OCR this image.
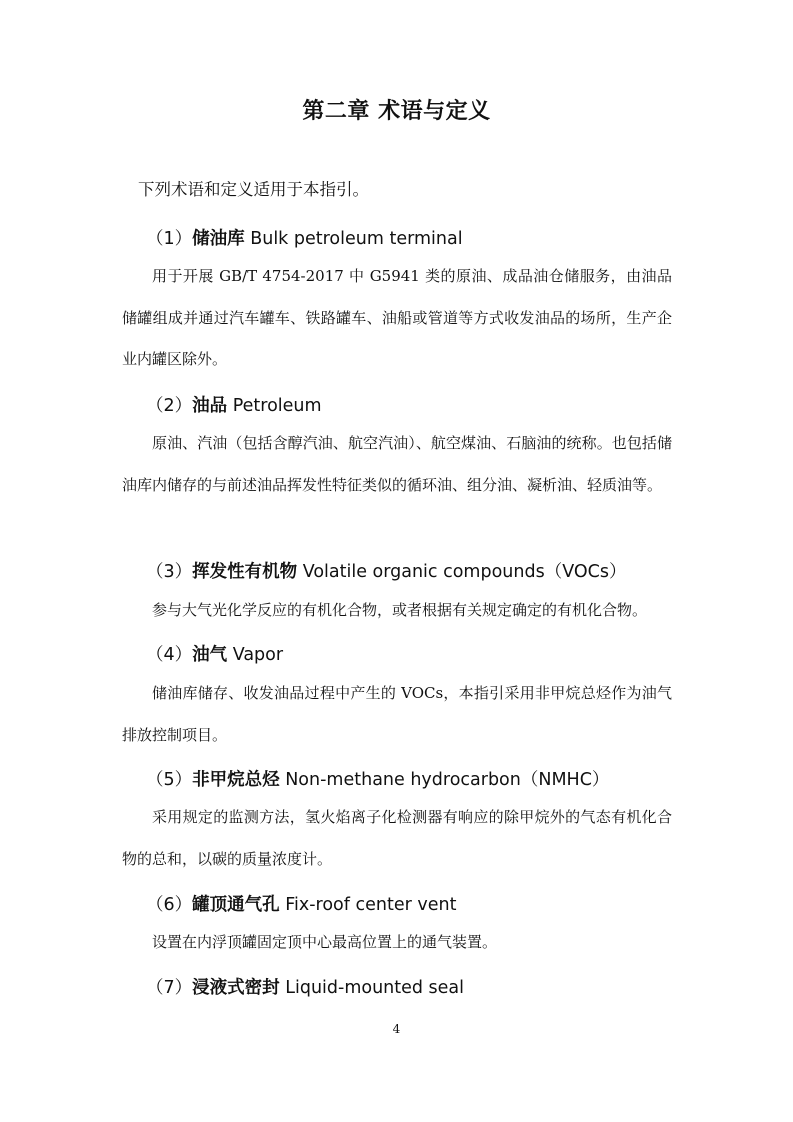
第二章 术语与定义
下列术语和定义适用于本指引。
（1）储油库 Bulk petroleum terminal
用于开展 GB/T 4754-2017 中 G5941 类的原油、成品油仓储服务，由油品储罐组成并通过汽车罐车、铁路罐车、油船或管道等方式收发油品的场所，生产企业内罐区除外。
（2）油品 Petroleum
原油、汽油（包括含醇汽油、航空汽油）、航空煤油、石脑油的统称。也包括储油库内储存的与前述油品挥发性特征类似的循环油、组分油、凝析油、轻质油等。
（3）挥发性有机物 Volatile organic compounds（VOCs）
参与大气光化学反应的有机化合物，或者根据有关规定确定的有机化合物。
（4）油气 Vapor
储油库储存、收发油品过程中产生的 VOCs，本指引采用非甲烷总烃作为油气排放控制项目。
（5）非甲烷总烃 Non-methane hydrocarbon（NMHC）
采用规定的监测方法，氢火焰离子化检测器有响应的除甲烷外的气态有机化合物的总和，以碳的质量浓度计。
（6）罐顶通气孔 Fix-roof center vent
设置在内浮顶罐固定顶中心最高位置上的通气装置。
（7）浸液式密封 Liquid-mounted seal
4
